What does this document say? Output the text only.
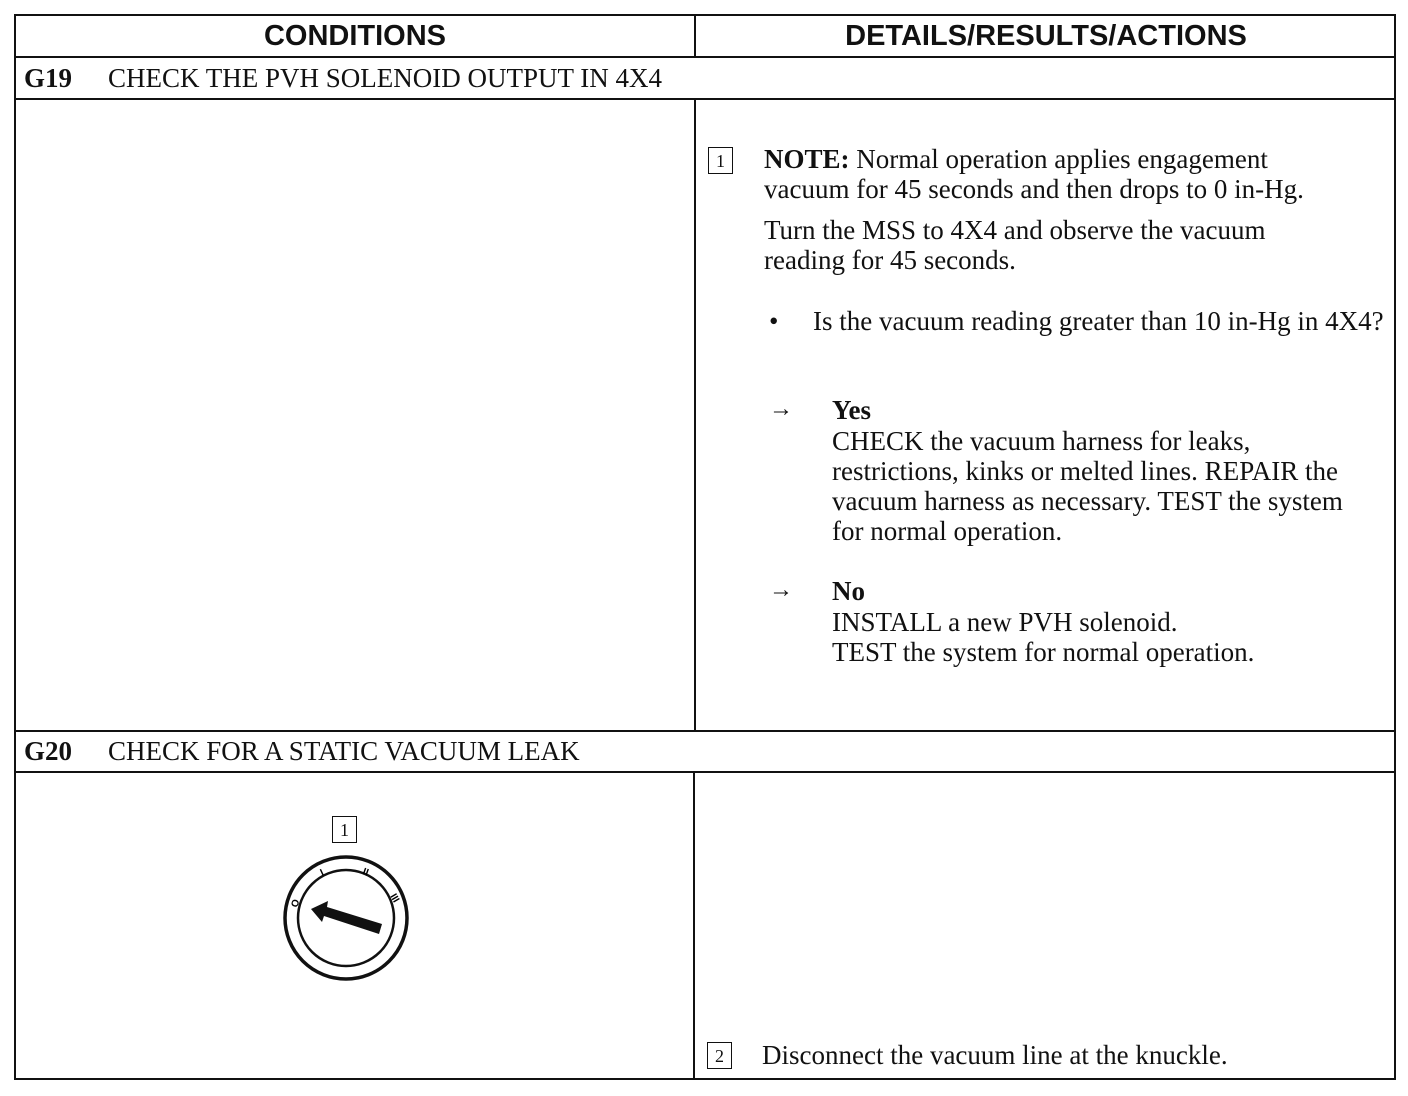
CONDITIONS	DETAILS/RESULTS/ACTIONS
G19 CHECK THE PVH SOLENOID OUTPUT IN 4X4
1 NOTE: Normal operation applies engagement
vacuum for 45 seconds and then drops to 0 in-Hg.
Turn the MSS to 4X4 and observe the vacuum reading for 45 seconds.
• Is the vacuum reading greater than 10 in-Hg in 4X4?
→ Yes
CHECK the vacuum harness for leaks, restrictions, kinks or melted lines. REPAIR the vacuum harness as necessary. TEST the system for normal operation.
→ No
INSTALL a new PVH solenoid.
TEST the system for normal operation.
G20 CHECK FOR A STATIC VACUUM LEAK
1
O
I	II
III
2 Disconnect the vacuum line at the knuckle.
